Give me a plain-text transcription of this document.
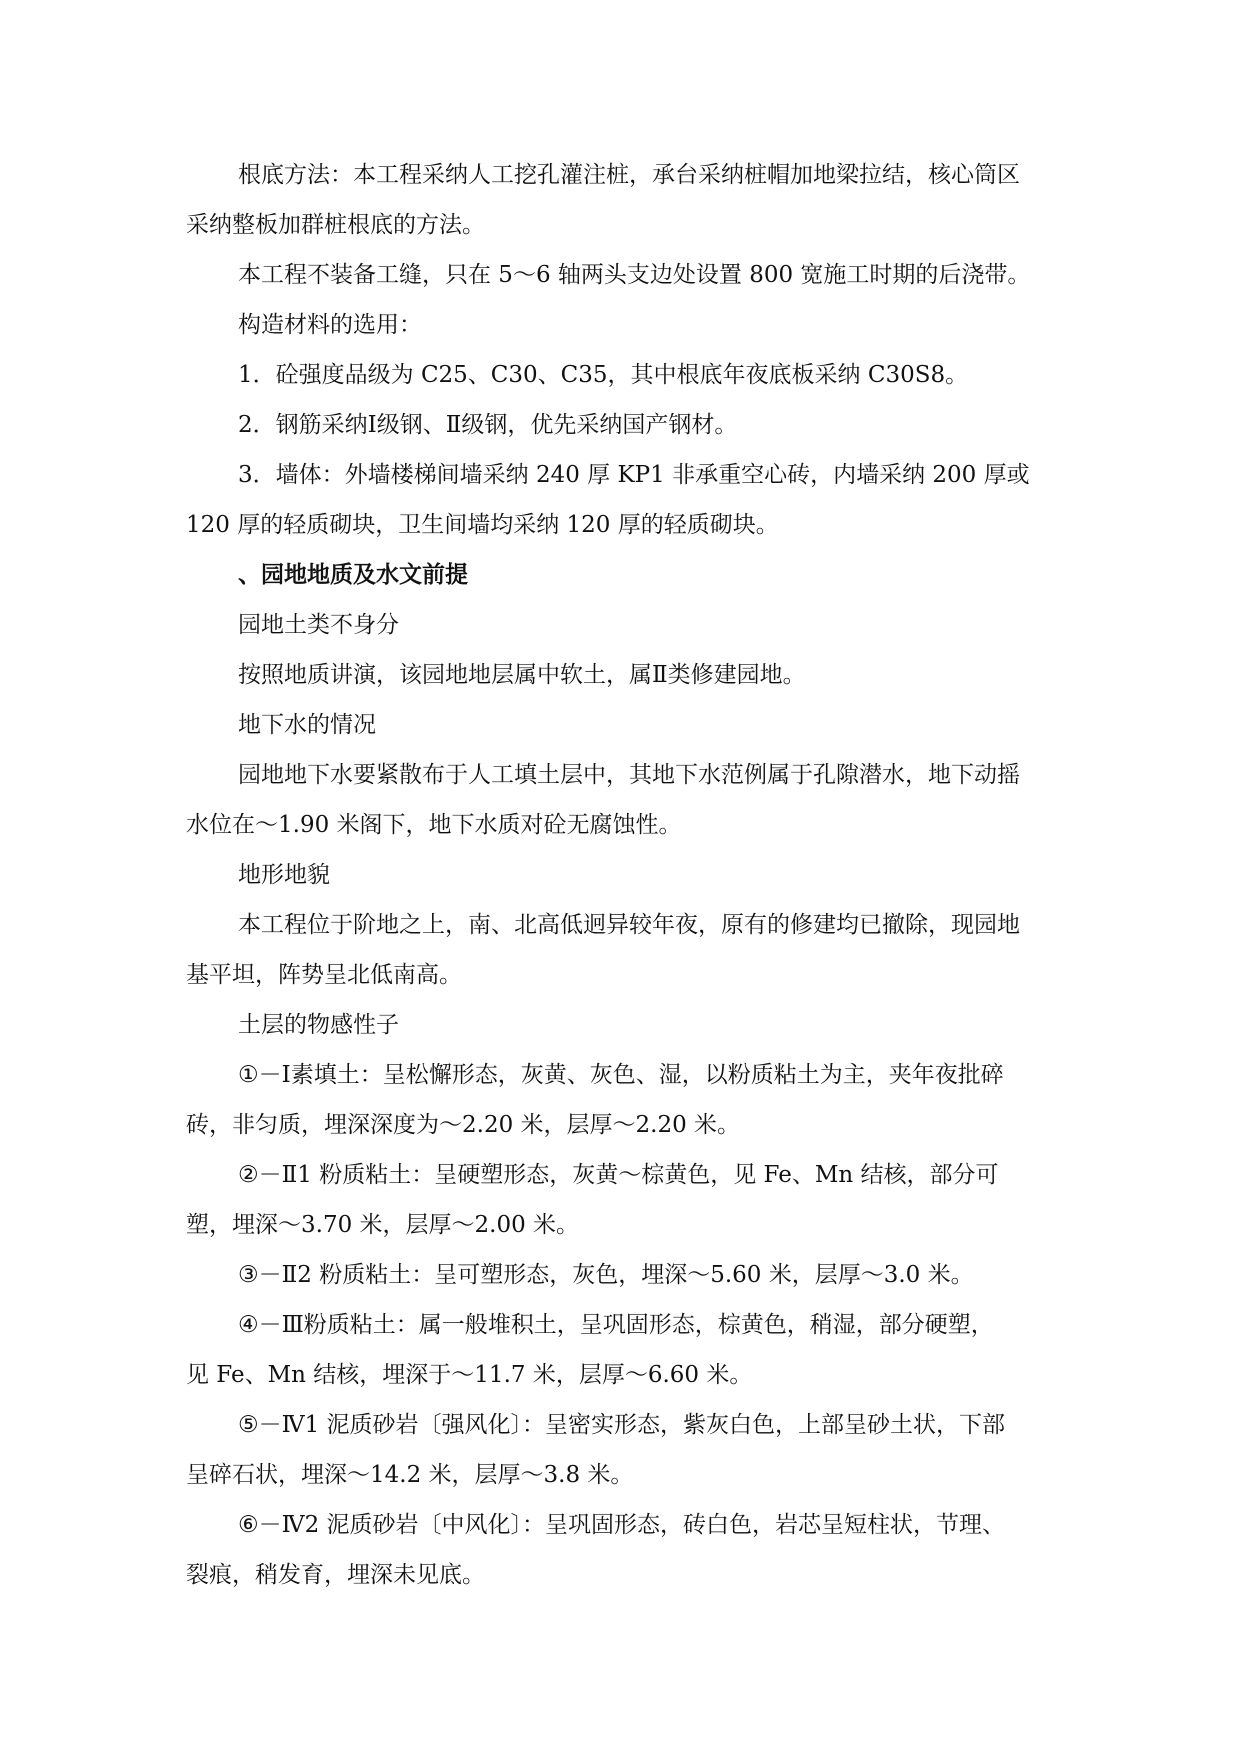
根底方法：本工程采纳人工挖孔灌注桩，承台采纳桩帽加地梁拉结，核心筒区

采纳整板加群桩根底的方法。

本工程不装备工缝，只在 5～6 轴两头支边处设置 800 宽施工时期的后浇带。

构造材料的选用：

1．砼强度品级为 C25、C30、C35，其中根底年夜底板采纳 C30S8。

2．钢筋采纳Ⅰ级钢、Ⅱ级钢，优先采纳国产钢材。

3．墙体：外墙楼梯间墙采纳 240 厚 KP1 非承重空心砖，内墙采纳 200 厚或

120 厚的轻质砌块，卫生间墙均采纳 120 厚的轻质砌块。

、园地地质及水文前提

园地土类不身分

按照地质讲演，该园地地层属中软土，属Ⅱ类修建园地。

地下水的情况

园地地下水要紧散布于人工填土层中，其地下水范例属于孔隙潜水，地下动摇

水位在～1.90 米阁下，地下水质对砼无腐蚀性。

地形地貌

本工程位于阶地之上，南、北高低迥异较年夜，原有的修建均已撤除，现园地

基平坦，阵势呈北低南高。

土层的物感性子

①－Ⅰ素填土：呈松懈形态，灰黄、灰色、湿，以粉质粘土为主，夹年夜批碎

砖，非匀质，埋深深度为～2.20 米，层厚～2.20 米。

②－Ⅱ1 粉质粘土：呈硬塑形态，灰黄～棕黄色，见 Fe、Mn 结核，部分可

塑，埋深～3.70 米，层厚～2.00 米。

③－Ⅱ2 粉质粘土：呈可塑形态，灰色，埋深～5.60 米，层厚～3.0 米。

④－Ⅲ粉质粘土：属一般堆积土，呈巩固形态，棕黄色，稍湿，部分硬塑，

见 Fe、Mn 结核，埋深于～11.7 米，层厚～6.60 米。

⑤－Ⅳ1 泥质砂岩〔强风化〕：呈密实形态，紫灰白色，上部呈砂土状，下部

呈碎石状，埋深～14.2 米，层厚～3.8 米。

⑥－Ⅳ2 泥质砂岩〔中风化〕：呈巩固形态，砖白色，岩芯呈短柱状，节理、

裂痕，稍发育，埋深未见底。
